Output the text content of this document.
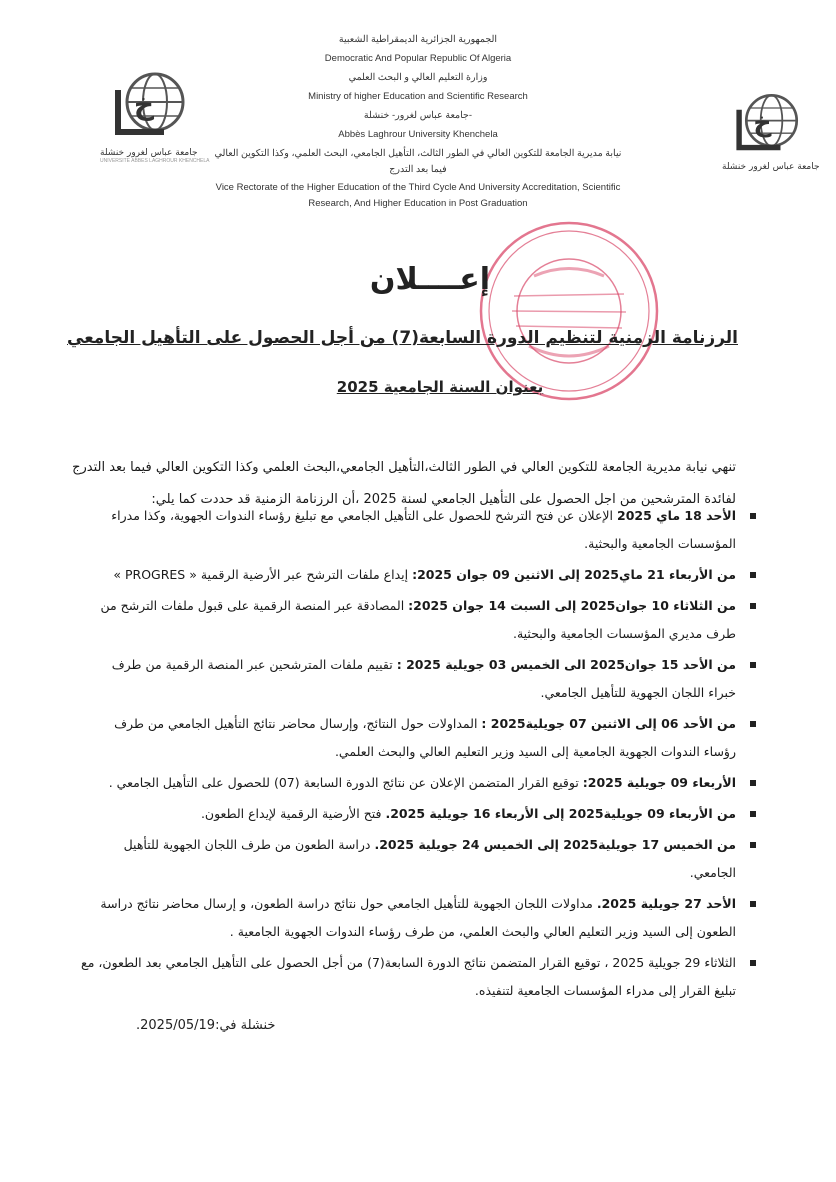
الجمهورية الجزائرية الديمقراطية الشعبية
Democratic And Popular Republic Of Algeria
وزارة التعليم العالي و البحث العلمي
Ministry of higher Education and Scientific Research
جامعة عباس لغرور- خنشلة-
Abbès Laghrour University Khenchela
نيابة مديرية الجامعة للتكوين العالي في الطور الثالث، التأهيل الجامعي، البحث العلمي، وكذا التكوين العالي فيما بعد التدرج
Vice Rectorate of the Higher Education of the Third Cycle And University Accreditation, Scientific Research, And Higher Education in Post Graduation
خ
جامعة عباس لغرور خنشلة
UNIVERSITE ABBES LAGHROUR KHENCHELA
خ
جامعة عباس لغرور خنشلة
إعــــلان
الرزنامة الزمنية لتنظيم الدورة السابعة(7) من أجل الحصول على التأهيل الجامعي
بعنوان السنة الجامعية 2025
تنهي نيابة مديرية الجامعة للتكوين العالي في الطور الثالث،التأهيل الجامعي،البحث العلمي وكذا التكوين العالي فيما بعد التدرج
لفائدة المترشحين من اجل الحصول على التأهيل الجامعي لسنة 2025 ،أن الرزنامة الزمنية قد حددت كما يلي:
الأحد 18 ماي 2025 الإعلان عن فتح الترشح للحصول على التأهيل الجامعي مع تبليغ رؤساء الندوات الجهوية، وكذا مدراء المؤسسات الجامعية والبحثية.
من الأربعاء 21 ماي2025 إلى الاثنين 09 جوان 2025: إيداع ملفات الترشح عبر الأرضية الرقمية « PROGRES »
من الثلاثاء 10 جوان2025 إلى السبت 14 جوان 2025: المصادقة عبر المنصة الرقمية على قبول ملفات الترشح من طرف مديري المؤسسات الجامعية والبحثية.
من الأحد 15 جوان2025 الى الخميس 03 جويلية 2025 : تقييم ملفات المترشحين عبر المنصة الرقمية من طرف خبراء اللجان الجهوية للتأهيل الجامعي.
من الأحد 06 إلى الاثنين 07 جويلية2025 : المداولات حول النتائج، وإرسال محاضر نتائج التأهيل الجامعي من طرف رؤساء الندوات الجهوية الجامعية إلى السيد وزير التعليم العالي والبحث العلمي.
الأربعاء 09 جويلية 2025: توقيع القرار المتضمن الإعلان عن نتائج الدورة السابعة (07) للحصول على التأهيل الجامعي .
من الأربعاء 09 جويلية2025 إلى الأربعاء 16 جويلية 2025. فتح الأرضية الرقمية لإيداع الطعون.
من الخميس 17 جويلية2025 إلى الخميس 24 جويلية 2025. دراسة الطعون من طرف اللجان الجهوية للتأهيل الجامعي.
الأحد 27 جويلية 2025. مداولات اللجان الجهوية للتأهيل الجامعي حول نتائج دراسة الطعون، و إرسال محاضر نتائج دراسة الطعون إلى السيد وزير التعليم العالي والبحث العلمي، من طرف رؤساء الندوات الجهوية الجامعية .
الثلاثاء 29 جويلية 2025 ، توقيع القرار المتضمن نتائج الدورة السابعة(7) من أجل الحصول على التأهيل الجامعي بعد الطعون، مع تبليغ القرار إلى مدراء المؤسسات الجامعية لتنفيذه.
خنشلة في:2025/05/19.
